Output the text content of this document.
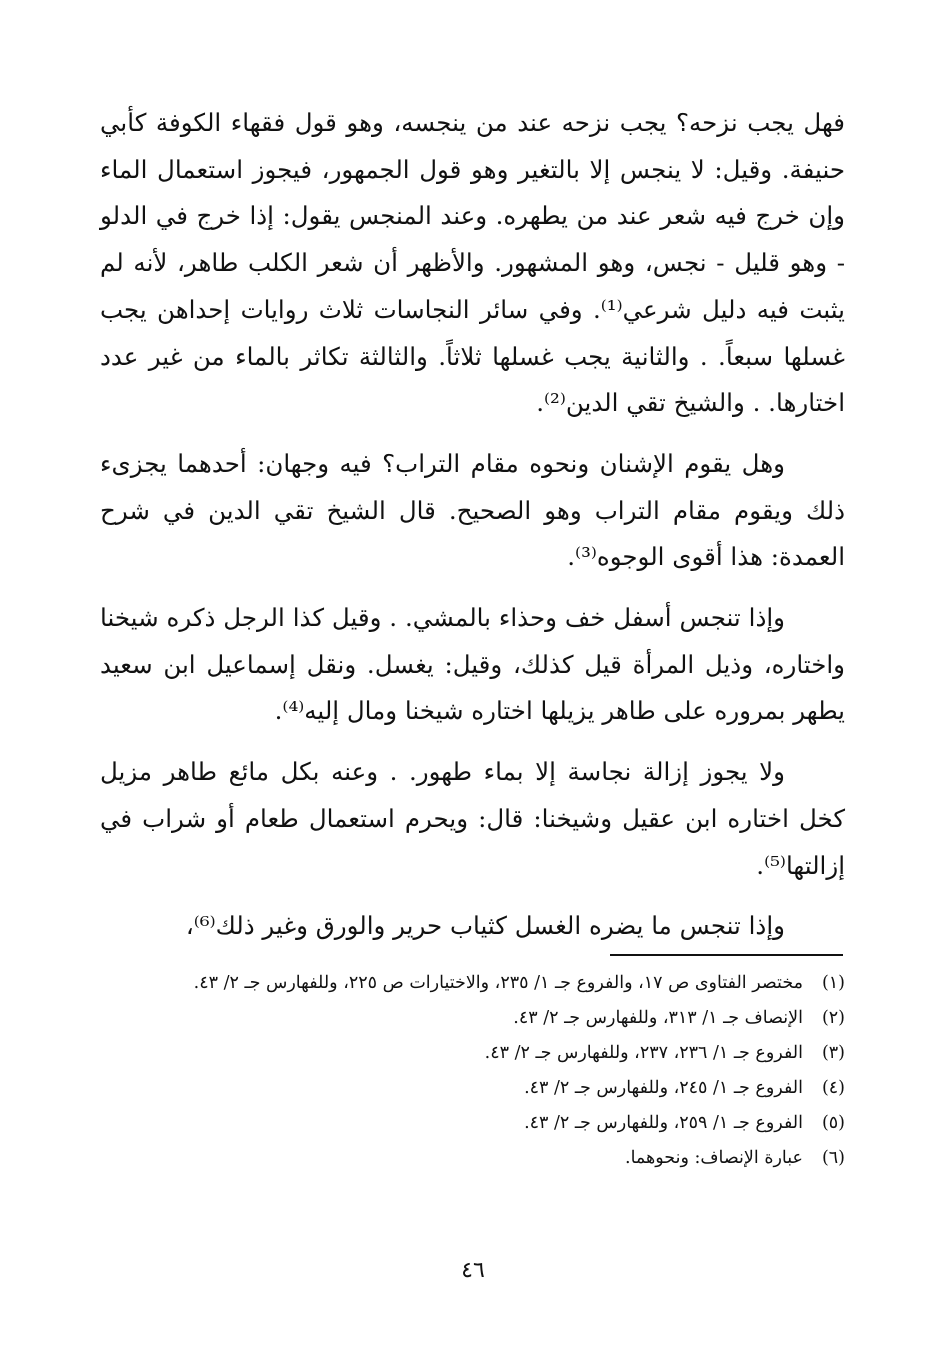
فهل يجب نزحه؟ يجب نزحه عند من ينجسه، وهو قول فقهاء الكوفة كأبي حنيفة. وقيل: لا ينجس إلا بالتغير وهو قول الجمهور، فيجوز استعمال الماء وإن خرج فيه شعر عند من يطهره. وعند المنجس يقول: إذا خرج في الدلو - وهو قليل - نجس، وهو المشهور. والأظهر أن شعر الكلب طاهر، لأنه لم يثبت فيه دليل شرعي⁽¹⁾. وفي سائر النجاسات ثلاث روايات إحداهن يجب غسلها سبعاً. . والثانية يجب غسلها ثلاثاً. والثالثة تكاثر بالماء من غير عدد اختارها. . والشيخ تقي الدين⁽²⁾.

وهل يقوم الإشنان ونحوه مقام التراب؟ فيه وجهان: أحدهما يجزىء ذلك ويقوم مقام التراب وهو الصحيح. قال الشيخ تقي الدين في شرح العمدة: هذا أقوى الوجوه⁽³⁾.

وإذا تنجس أسفل خف وحذاء بالمشي. . وقيل كذا الرجل ذكره شيخنا واختاره، وذيل المرأة قيل كذلك، وقيل: يغسل. ونقل إسماعيل ابن سعيد يطهر بمروره على طاهر يزيلها اختاره شيخنا ومال إليه⁽⁴⁾.

ولا يجوز إزالة نجاسة إلا بماء طهور. . وعنه بكل مائع طاهر مزيل كخل اختاره ابن عقيل وشيخنا: قال: ويحرم استعمال طعام أو شراب في إزالتها⁽⁵⁾.

وإذا تنجس ما يضره الغسل كثياب حرير والورق وغير ذلك⁽⁶⁾،

(١)
مختصر الفتاوى ص ١٧، والفروع جـ ١/ ٢٣٥، والاختيارات ص ٢٢٥، وللفهارس جـ ٢/ ٤٣.
(٢)
الإنصاف جـ ١/ ٣١٣، وللفهارس جـ ٢/ ٤٣.
(٣)
الفروع جـ ١/ ٢٣٦، ٢٣٧، وللفهارس جـ ٢/ ٤٣.
(٤)
الفروع جـ ١/ ٢٤٥، وللفهارس جـ ٢/ ٤٣.
(٥)
الفروع جـ ١/ ٢٥٩، وللفهارس جـ ٢/ ٤٣.
(٦)
عبارة الإنصاف: ونحوهما.
٤٦
